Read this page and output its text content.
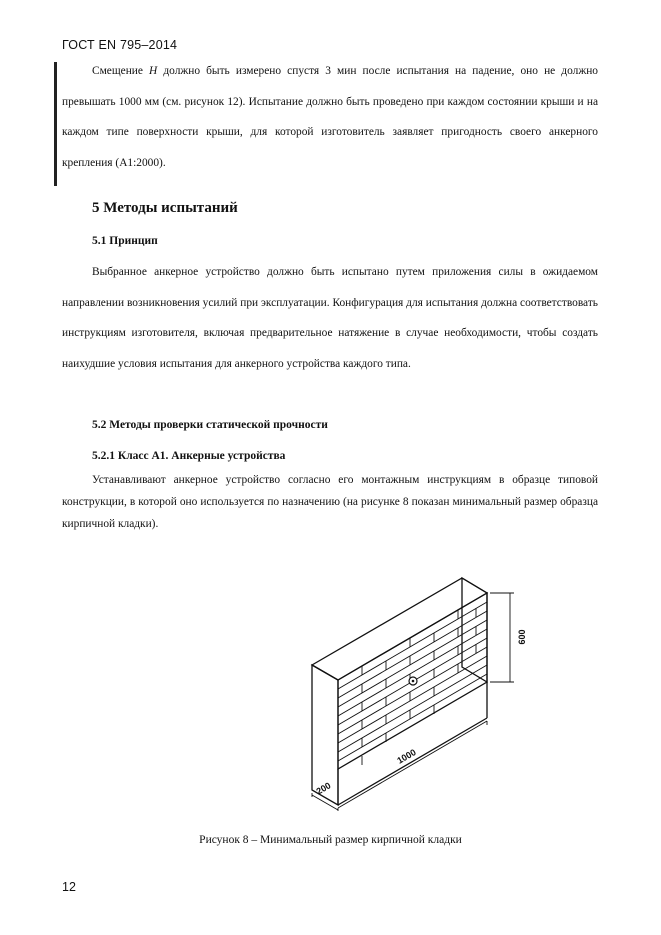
ГОСТ EN 795–2014

Смещение H должно быть измерено спустя 3 мин после испытания на падение, оно не должно превышать 1000 мм (см. рисунок 12). Испытание должно быть проведено при каждом состоянии крыши и на каждом типе поверхности крыши, для которой изготовитель заявляет пригодность своего анкерного крепления (А1:2000).

5 Методы испытаний
5.1 Принцип

Выбранное анкерное устройство должно быть испытано путем приложения силы в ожидаемом направлении возникновения усилий при эксплуатации. Конфигурация для испытания должна соответствовать инструкциям изготовителя, включая предварительное натяжение в случае необходимости, чтобы создать наихудшие условия испытания для анкерного устройства каждого типа.

5.2 Методы проверки статической прочности
5.2.1 Класс А1. Анкерные устройства

Устанавливают анкерное устройство согласно его монтажным инструкциям в образце типовой конструкции, в которой оно используется по назначению (на рисунке 8 показан минимальный размер образца кирпичной кладки).

600
1000
200
Рисунок 8 – Минимальный размер кирпичной кладки
12
